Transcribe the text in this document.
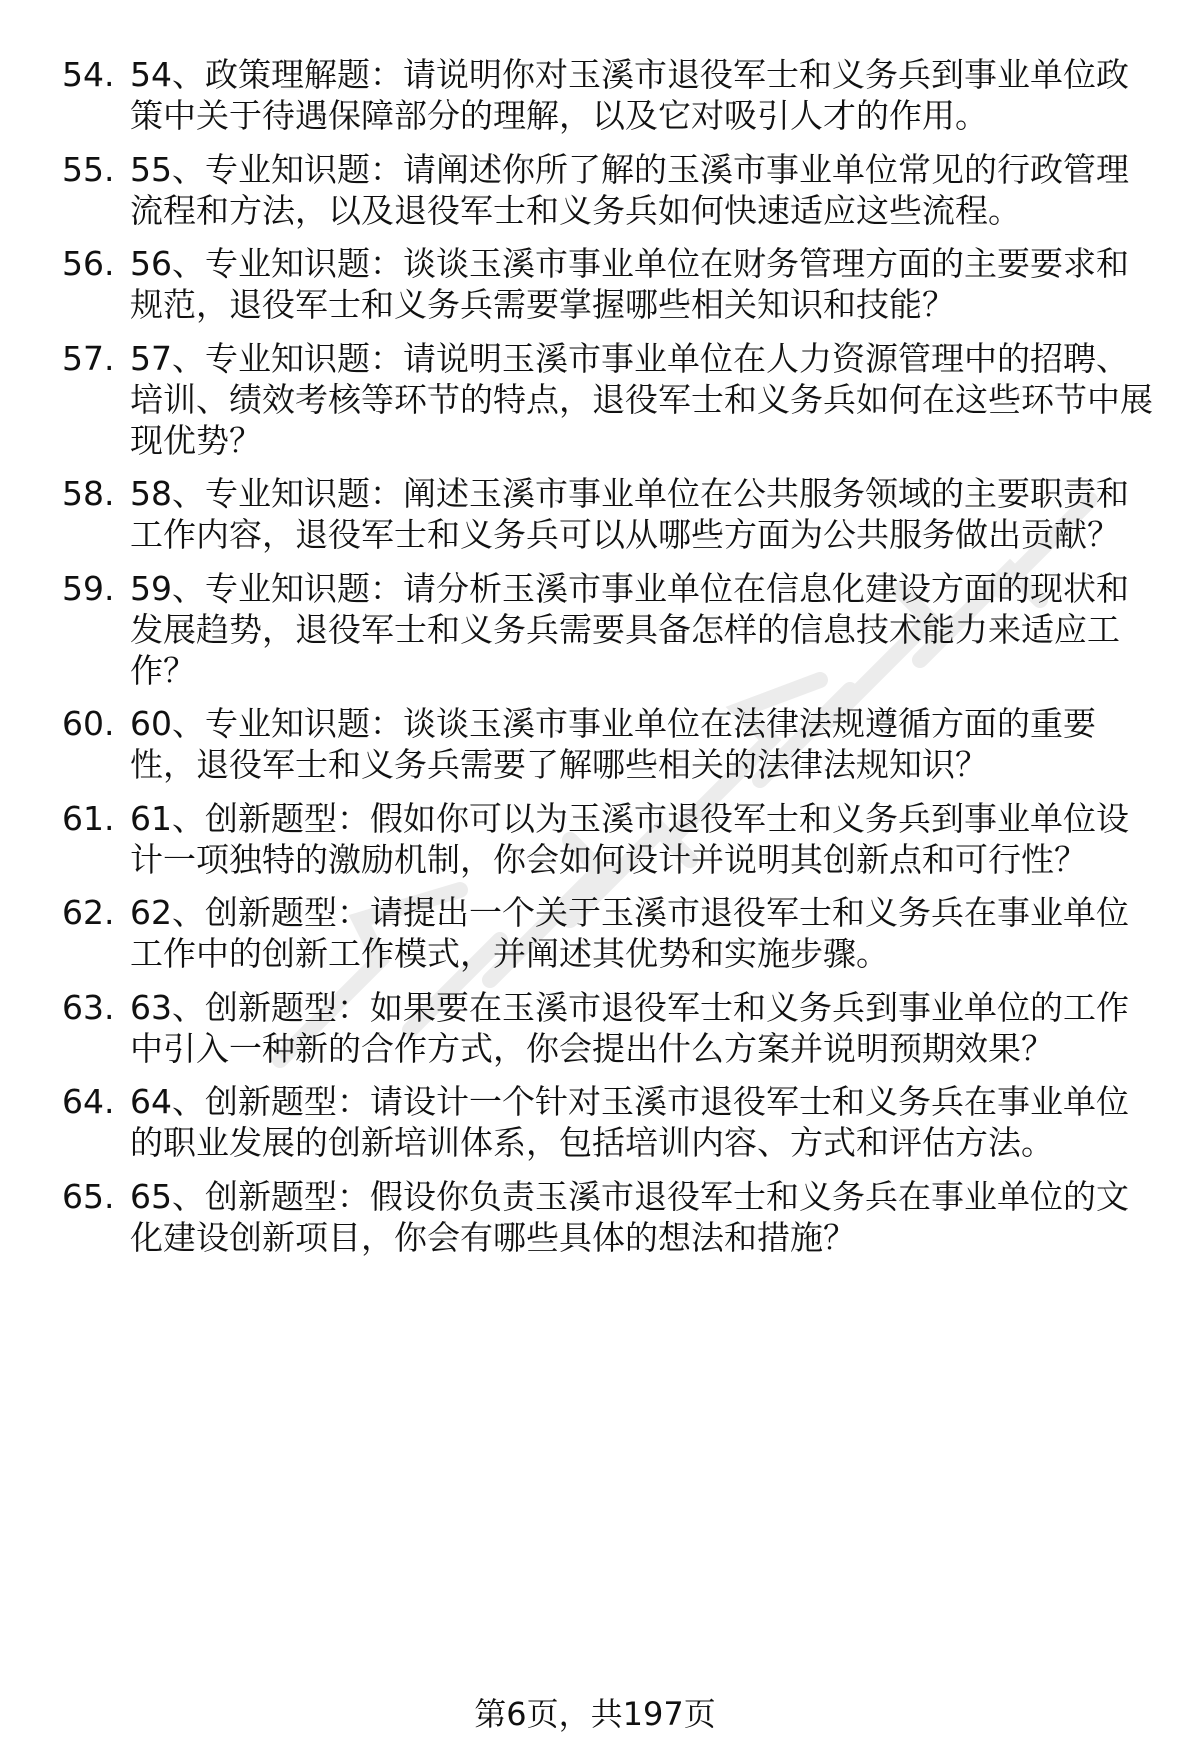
54. 54、政策理解题：请说明你对玉溪市退役军士和义务兵到事业单位政策中关于待遇保障部分的理解，以及它对吸引人才的作用。
55. 55、专业知识题：请阐述你所了解的玉溪市事业单位常见的行政管理流程和方法，以及退役军士和义务兵如何快速适应这些流程。
56. 56、专业知识题：谈谈玉溪市事业单位在财务管理方面的主要要求和规范，退役军士和义务兵需要掌握哪些相关知识和技能？
57. 57、专业知识题：请说明玉溪市事业单位在人力资源管理中的招聘、培训、绩效考核等环节的特点，退役军士和义务兵如何在这些环节中展现优势？
58. 58、专业知识题：阐述玉溪市事业单位在公共服务领域的主要职责和工作内容，退役军士和义务兵可以从哪些方面为公共服务做出贡献？
59. 59、专业知识题：请分析玉溪市事业单位在信息化建设方面的现状和发展趋势，退役军士和义务兵需要具备怎样的信息技术能力来适应工作？
60. 60、专业知识题：谈谈玉溪市事业单位在法律法规遵循方面的重要性，退役军士和义务兵需要了解哪些相关的法律法规知识？
61. 61、创新题型：假如你可以为玉溪市退役军士和义务兵到事业单位设计一项独特的激励机制，你会如何设计并说明其创新点和可行性？
62. 62、创新题型：请提出一个关于玉溪市退役军士和义务兵在事业单位工作中的创新工作模式，并阐述其优势和实施步骤。
63. 63、创新题型：如果要在玉溪市退役军士和义务兵到事业单位的工作中引入一种新的合作方式，你会提出什么方案并说明预期效果？
64. 64、创新题型：请设计一个针对玉溪市退役军士和义务兵在事业单位的职业发展的创新培训体系，包括培训内容、方式和评估方法。
65. 65、创新题型：假设你负责玉溪市退役军士和义务兵在事业单位的文化建设创新项目，你会有哪些具体的想法和措施？
第6页，共197页
